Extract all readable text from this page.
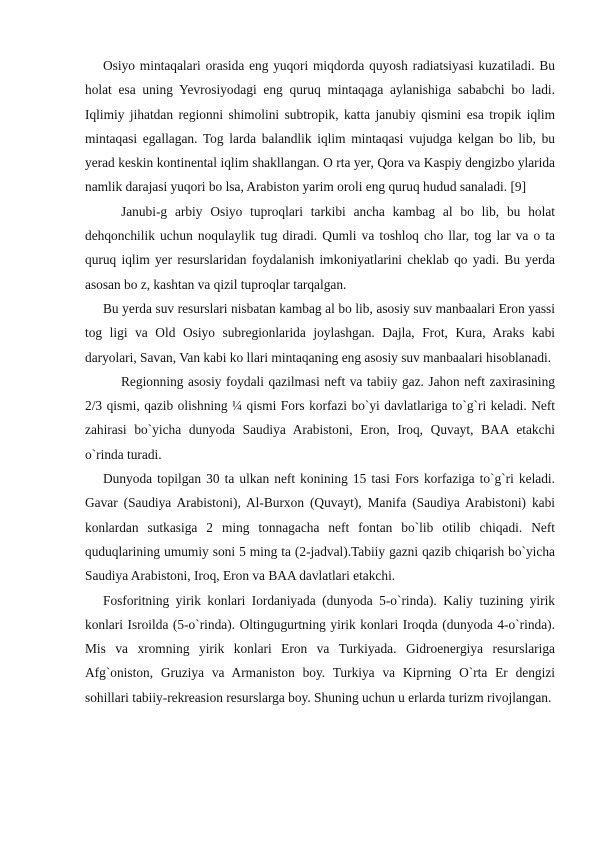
Osiyo mintaqalari orasida eng yuqori miqdorda quyosh radiatsiyasi kuzatiladi. Bu holat esa uning Yevrosiyodagi eng quruq mintaqaga aylanishiga sababchi bo ladi. Iqlimiy jihatdan regionni shimolini subtropik, katta janubiy qismini esa tropik iqlim mintaqasi egallagan. Tog larda balandlik iqlim mintaqasi vujudga kelgan bo lib, bu yerad keskin kontinental iqlim shakllangan. O rta yer, Qora va Kaspiy dengizbo ylarida namlik darajasi yuqori bo lsa, Arabiston yarim oroli eng quruq hudud sanaladi. [9]

Janubi-g arbiy Osiyo tuproqlari tarkibi ancha kambag al bo lib, bu holat dehqonchilik uchun noqulaylik tug diradi. Qumli va toshloq cho llar, tog lar va o ta quruq iqlim yer resurslaridan foydalanish imkoniyatlarini cheklab qo yadi. Bu yerda asosan bo z, kashtan va qizil tuproqlar tarqalgan.

Bu yerda suv resurslari nisbatan kambag al bo lib, asosiy suv manbaalari Eron yassi tog ligi va Old Osiyo subregionlarida joylashgan. Dajla, Frot, Kura, Araks kabi daryolari, Savan, Van kabi ko llari mintaqaning eng asosiy suv manbaalari hisoblanadi.

Regionning asosiy foydali qazilmasi neft va tabiiy gaz. Jahon neft zaxirasining 2/3 qismi, qazib olishning ¼ qismi Fors korfazi bo`yi davlatlariga to`g`ri keladi. Neft zahirasi bo`yicha dunyoda Saudiya Arabistoni, Eron, Iroq, Quvayt, BAA etakchi o`rinda turadi.

Dunyoda topilgan 30 ta ulkan neft konining 15 tasi Fors korfaziga to`g`ri keladi. Gavar (Saudiya Arabistoni), Al-Burxon (Quvayt), Manifa (Saudiya Arabistoni) kabi konlardan sutkasiga 2 ming tonnagacha neft fontan bo`lib otilib chiqadi. Neft quduqlarining umumiy soni 5 ming ta (2-jadval).Tabiiy gazni qazib chiqarish bo`yicha Saudiya Arabistoni, Iroq, Eron va BAA davlatlari etakchi.

Fosforitning yirik konlari Iordaniyada (dunyoda 5-o`rinda). Kaliy tuzining yirik konlari Isroilda (5-o`rinda). Oltingugurtning yirik konlari Iroqda (dunyoda 4-o`rinda). Mis va xromning yirik konlari Eron va Turkiyada. Gidroenergiya resurslariga Afg`oniston, Gruziya va Armaniston boy. Turkiya va Kiprning O`rta Er dengizi sohillari tabiiy-rekreasion resurslarga boy. Shuning uchun u erlarda turizm rivojlangan.
